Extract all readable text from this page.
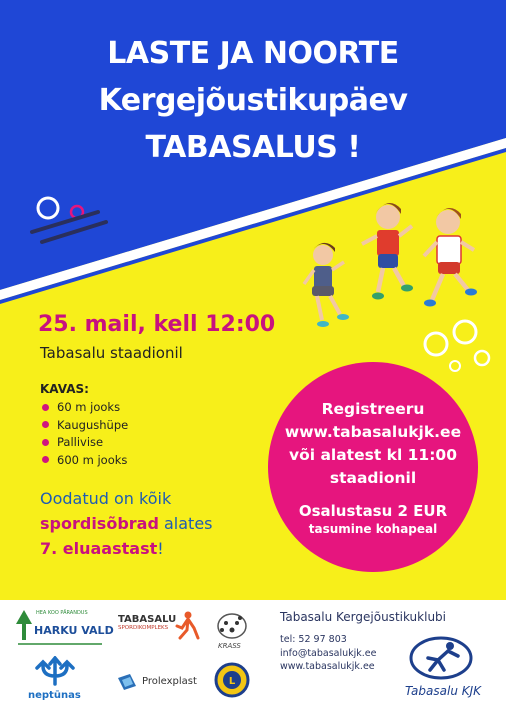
LASTE JA NOORTE
Kergejõustikupäev
TABASALUS !
25. mail, kell 12:00
Tabasalu staadionil
KAVAS:
60 m jooks
Kaugushüpe
Pallivise
600 m jooks
Oodatud on kõik
spordisõbrad alates
7. eluaastast!
Registreeru
www.tabasalukjk.ee
või alatest kl 11:00
staadionil
Osalustasu 2 EUR
tasumine kohapeal
HEA KOO PÄRANDUS
HARKU VALD
TABASALU
SPORDIKOMPLEKS
KRASS
neptūnas
Prolexplast	L
Tabasalu Kergejõustikuklubi
tel: 52 97 803
info@tabasalukjk.ee
www.tabasalukjk.ee
Tabasalu KJK
